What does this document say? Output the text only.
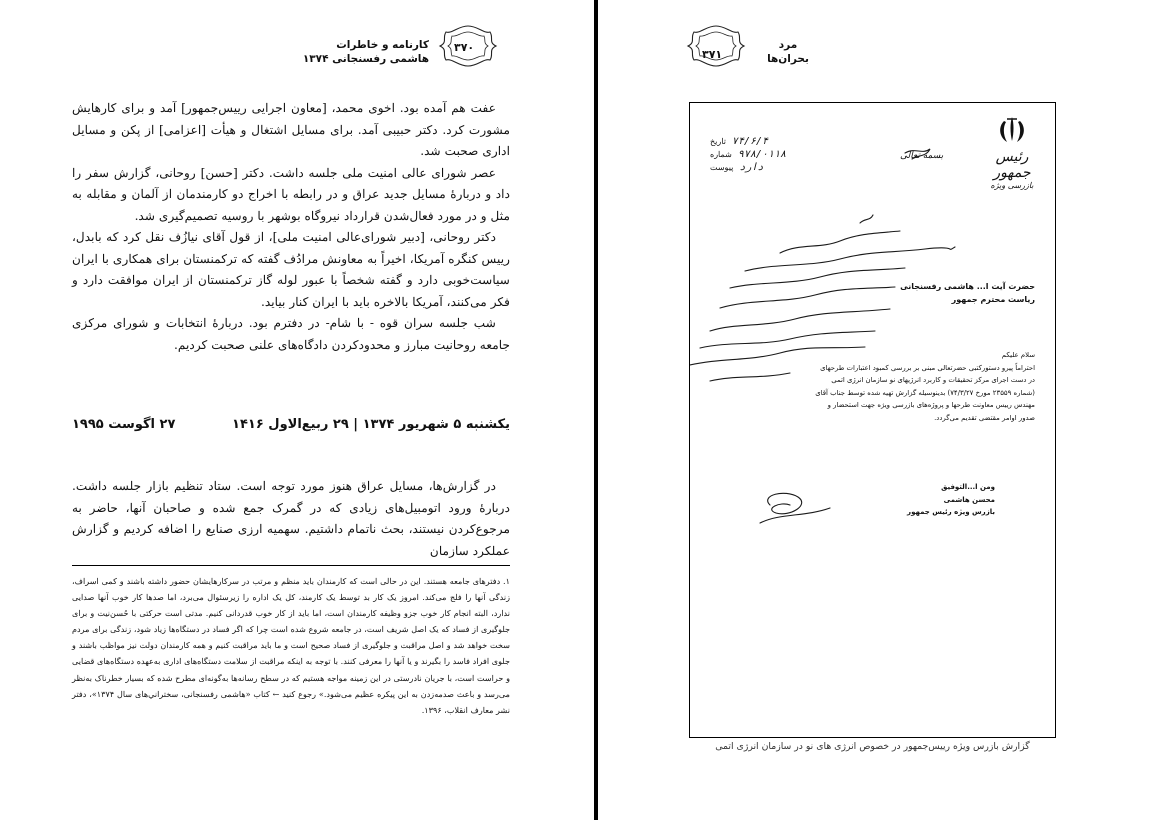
۳۷۰
کارنامه و خاطرات
هاشمی رفسنجانی ۱۳۷۴

عفت هم آمده بود. اخوی محمد، [معاون اجرایی رییس‌جمهور] آمد و برای کارهایش مشورت کرد. دکتر حبیبی آمد. برای مسایل اشتغال و هیأت [اعزامی] از پکن و مسایل اداری صحبت شد.

عصر شورای عالی امنیت ملی جلسه داشت. دکتر [حسن] روحانی، گزارش سفر را داد و دربارهٔ مسایل جدید عراق و در رابطه با اخراج دو کارمندمان از آلمان و مقابله به مثل و در مورد فعال‌شدن قرارداد نیروگاه بوشهر با روسیه تصمیم‌گیری شد.

دکتر روحانی، [دبیر شورای‌عالی امنیت ملی]، از قول آقای نیازُف نقل کرد که بابدل، رییس کنگره آمریکا، اخیراً به معاونش مرادُف گفته که ترکمنستان برای همکاری با ایران سیاست‌خوبی دارد و گفته شخصاً با عبور لوله گاز ترکمنستان از ایران موافقت دارد و فکر می‌کنند، آمریکا بالاخره باید با ایران کنار بیاید.

شب جلسه سران قوه - با شام- در دفترم بود. دربارهٔ انتخابات و شورای مرکزی جامعه روحانیت مبارز و محدودکردن دادگاه‌های علنی صحبت کردیم.

یکشنبه ۵ شهریور ۱۳۷۴ | ۲۹ ربیع‌الاول ۱۴۱۶
۲۷ اگوست ۱۹۹۵

در گزارش‌ها، مسایل عراق هنوز مورد توجه است. ستاد تنظیم بازار جلسه داشت. دربارهٔ ورود اتومبیل‌های زیادی که در گمرک جمع شده و صاحبان آنها، حاضر به مرجوع‌کردن نیستند، بحث ناتمام داشتیم. سهمیه ارزی صنایع را اضافه کردیم و گزارش عملکرد سازمان

۱. دفترهای جامعه هستند. این در حالی است که کارمندان باید منظم و مرتب در سرکارهایشان حضور داشته باشند و کمی اسراف، زندگی آنها را فلج می‌کند. امروز یک کار بد توسط یک کارمند، کل یک اداره را زیرسئوال می‌برد، اما صدها کار خوب آنها صدایی ندارد، البته انجام کار خوب جزو وظیفه کارمندان است، اما باید از کار خوب قدردانی کنیم. مدتی است حرکتی با حُسن‌نیت و برای جلوگیری از فساد که یک اصل شریف است، در جامعه شروع شده است چرا که اگر فساد در دستگاه‌ها زیاد شود، زندگی برای مردم سخت خواهد شد و اصل مراقبت و جلوگیری از فساد صحیح است و ما باید مراقبت کنیم و همه کارمندان دولت نیز مواظب باشند و جلوی افراد فاسد را بگیرند و یا آنها را معرفی کنند. با توجه به اینکه مراقبت از سلامت دستگاه‌های اداری به‌عهده دستگاه‌های قضایی و حراست است، با جریان نادرستی در این زمینه مواجه هستیم که در سطح رسانه‌ها به‌گونه‌ای مطرح شده که بسیار خطرناک به‌نظر می‌رسد و باعث صدمه‌زدن به این پیکره عظیم می‌شود.» رجوع کنید ← کتاب «هاشمی رفسنجانی، سختراني‌های سال ۱۳۷۴»، دفتر نشر معارف انقلاب، ۱۳۹۶.

۳۷۱
مرد
بحران‌ها
رئیس جمهور
بازرسی ویژه
۷۴/۶/۴
تاریخ
۹۷۸/۰۱۱۸
شماره
دارد
پیوست
بسمه تعالی
حضرت آیت ا... هاشمی رفسنجانی
ریاست محترم جمهور
سلام علیکم
احتراماً پیرو دستورکتبی حضرتعالی مبنی بر بررسی کمبود اعتبارات طرحهای در دست اجرای مرکز تحقیقات و کاربرد انرژیهای نو سازمان انرژی اتمی (شماره ۲۳۵۵۹ مورخ ۷۴/۳/۲۷) بدینوسیله گزارش تهیه شده توسط جناب آقای مهندس رییس معاونت طرحها و پروژه‌های بازرسی ویژه جهت استحضار و صدور اوامر مقتضی تقدیم می‌گردد.
ومن ا...التوفیق
محسن هاشمی
بازرس ویژه رئیس جمهور
گزارش بازرس ویژه رییس‌جمهور در خصوص انرژی های نو در سازمان انرژی اتمی
